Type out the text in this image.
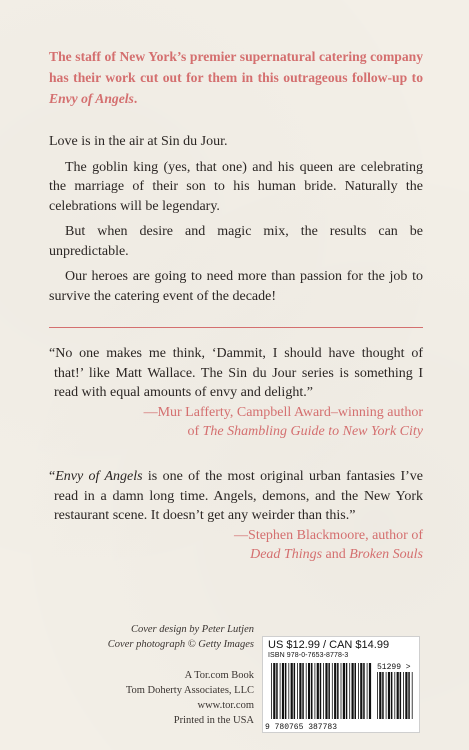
The staff of New York’s premier supernatural catering company has their work cut out for them in this outrageous follow-up to Envy of Angels.

Love is in the air at Sin du Jour.

The goblin king (yes, that one) and his queen are celebrating the marriage of their son to his human bride. Naturally the celebrations will be legendary.

But when desire and magic mix, the results can be unpredictable.

Our heroes are going to need more than passion for the job to survive the catering event of the decade!

“No one makes me think, ‘Dammit, I should have thought of that!’ like Matt Wallace. The Sin du Jour series is something I read with equal amounts of envy and delight.”
—Mur Lafferty, Campbell Award–winning author
of The Shambling Guide to New York City
“Envy of Angels is one of the most original urban fantasies I’ve read in a damn long time. Angels, demons, and the New York restaurant scene. It doesn’t get any weirder than this.”
—Stephen Blackmoore, author of
Dead Things and Broken Souls
Cover design by Peter Lutjen
Cover photograph © Getty Images
A Tor.com Book
Tom Doherty Associates, LLC
www.tor.com
Printed in the USA
US $12.99 / CAN $14.99
ISBN 978-0-7653-8778-3
51299 >
9 780765 387783
